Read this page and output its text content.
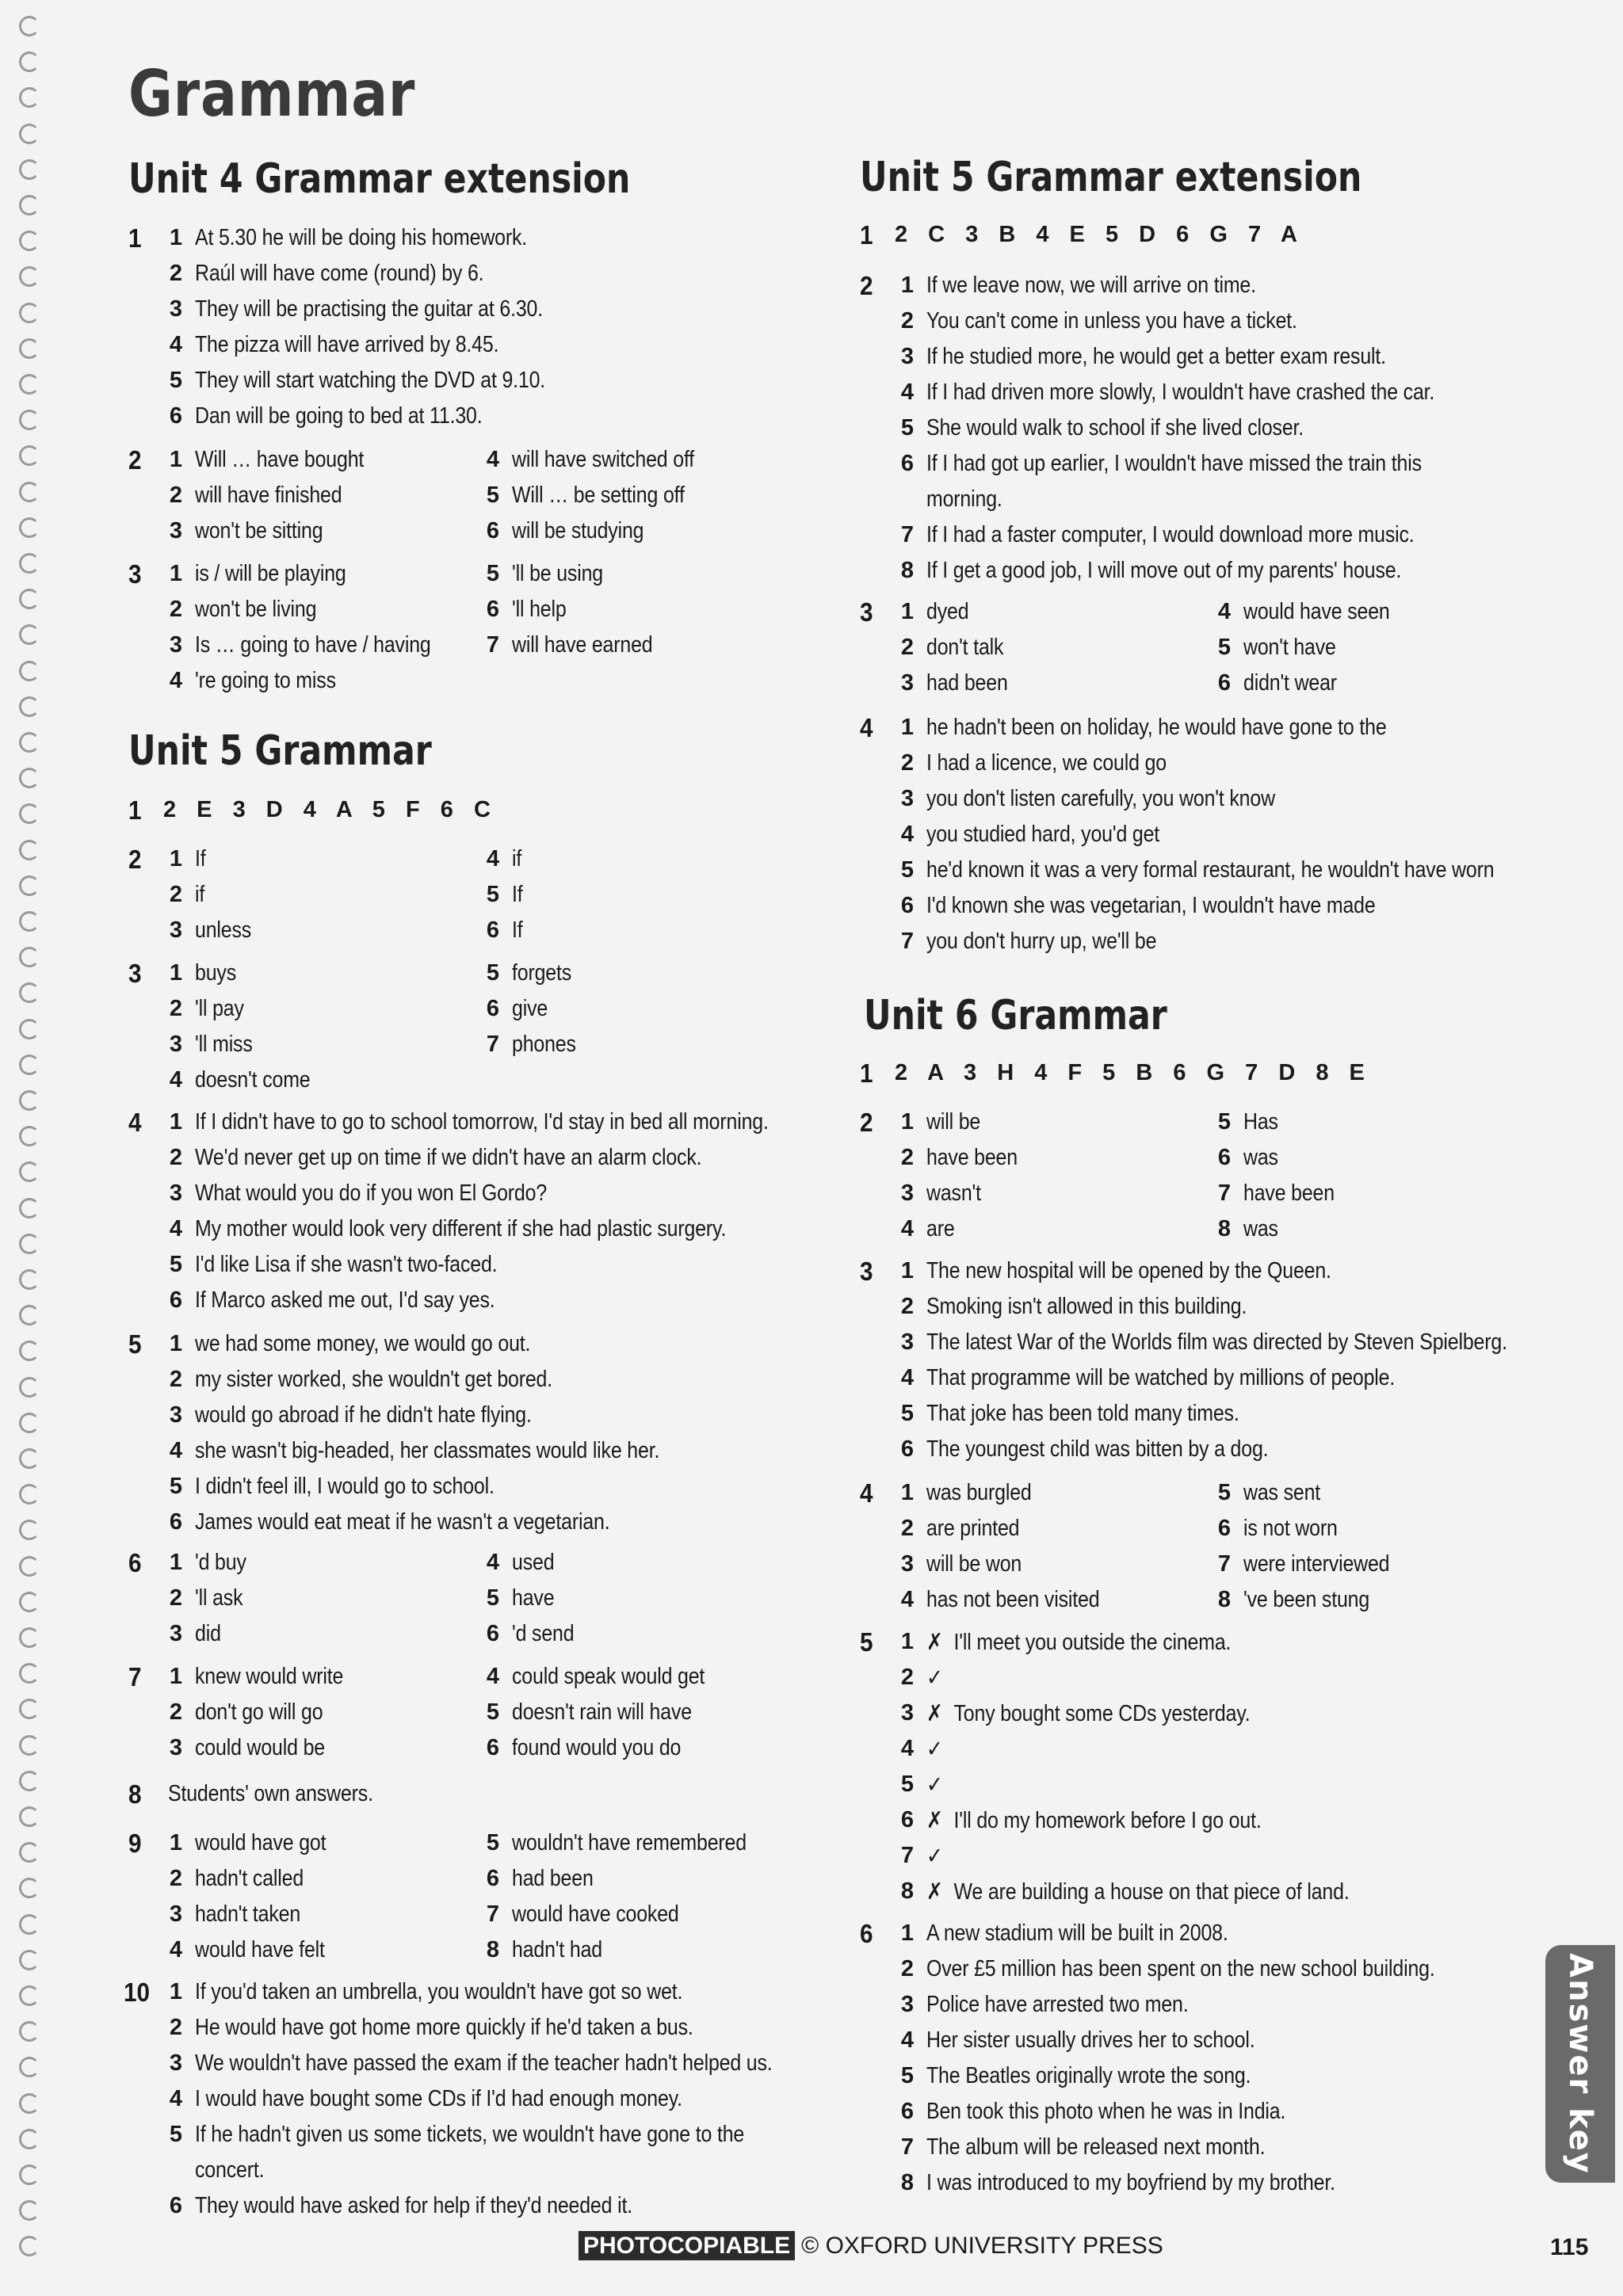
Grammar
Unit 4 Grammar extension
1	1 At 5.30 he will be doing his homework.
2 Raúl will have come (round) by 6.
3 They will be practising the guitar at 6.30.
4 The pizza will have arrived by 8.45.
5 They will start watching the DVD at 9.10.
6 Dan will be going to bed at 11.30.
2	1 Will … have bought
2 will have finished
3 won't be sitting
4 will have switched off
5 Will … be setting off
6 will be studying
3	1 is / will be playing
2 won't be living
3 Is … going to have / having
4 're going to miss
5 'll be using
6 'll help
7 will have earned
Unit 5 Grammar
1 2 E 3 D 4 A 5 F 6 C
2	1 If
2 if
3 unless
4 if
5 If
6 If
3	1 buys
2 'll pay
3 'll miss
4 doesn't come
5 forgets
6 give
7 phones
4	1 If I didn't have to go to school tomorrow, I'd stay in bed all morning.
2 We'd never get up on time if we didn't have an alarm clock.
3 What would you do if you won El Gordo?
4 My mother would look very different if she had plastic surgery.
5 I'd like Lisa if she wasn't two-faced.
6 If Marco asked me out, I'd say yes.
5	1 we had some money, we would go out.
2 my sister worked, she wouldn't get bored.
3 would go abroad if he didn't hate flying.
4 she wasn't big-headed, her classmates would like her.
5 I didn't feel ill, I would go to school.
6 James would eat meat if he wasn't a vegetarian.
6	1 'd buy
2 'll ask
3 did
4 used
5 have
6 'd send
7	1 knew would write
2 don't go will go
3 could would be
4 could speak would get
5 doesn't rain will have
6 found would you do
8 Students' own answers.
9	1 would have got
2 hadn't called
3 hadn't taken
4 would have felt
5 wouldn't have remembered
6 had been
7 would have cooked
8 hadn't had
10 1 If you'd taken an umbrella, you wouldn't have got so wet.
2 He would have got home more quickly if he'd taken a bus.
3 We wouldn't have passed the exam if the teacher hadn't helped us.
4 I would have bought some CDs if I'd had enough money.
5 If he hadn't given us some tickets, we wouldn't have gone to the
concert.
6 They would have asked for help if they'd needed it.
Unit 5 Grammar extension
1 2 C 3 B 4 E 5 D 6 G 7 A
2	1 If we leave now, we will arrive on time.
2 You can't come in unless you have a ticket.
3 If he studied more, he would get a better exam result.
4 If I had driven more slowly, I wouldn't have crashed the car.
5 She would walk to school if she lived closer.
6 If I had got up earlier, I wouldn't have missed the train this
morning.
7 If I had a faster computer, I would download more music.
8 If I get a good job, I will move out of my parents' house.
3	1 dyed
2 don't talk
3 had been
4 would have seen
5 won't have
6 didn't wear
4	1 he hadn't been on holiday, he would have gone to the
2 I had a licence, we could go
3 you don't listen carefully, you won't know
4 you studied hard, you'd get
5 he'd known it was a very formal restaurant, he wouldn't have worn
6 I'd known she was vegetarian, I wouldn't have made
7 you don't hurry up, we'll be
Unit 6 Grammar
1 2 A 3 H 4 F 5 B 6 G 7 D 8 E
2	1 will be
2 have been
3 wasn't
4 are
5 Has
6 was
7 have been
8 was
3	1 The new hospital will be opened by the Queen.
2 Smoking isn't allowed in this building.
3 The latest War of the Worlds film was directed by Steven Spielberg.
4 That programme will be watched by millions of people.
5 That joke has been told many times.
6 The youngest child was bitten by a dog.
4	1 was burgled
2 are printed
3 will be won
4 has not been visited
5 was sent
6 is not worn
7 were interviewed
8 've been stung
5	1 ✗ I'll meet you outside the cinema.
2 ✓
3 ✗ Tony bought some CDs yesterday.
4 ✓
5 ✓
6 ✗ I'll do my homework before I go out.
7 ✓
8 ✗ We are building a house on that piece of land.
6	1 A new stadium will be built in 2008.
2 Over £5 million has been spent on the new school building.
3 Police have arrested two men.
4 Her sister usually drives her to school.
5 The Beatles originally wrote the song.
6 Ben took this photo when he was in India.
7 The album will be released next month.
8 I was introduced to my boyfriend by my brother.
Answer key
PHOTOCOPIABLE © OXFORD UNIVERSITY PRESS	115
